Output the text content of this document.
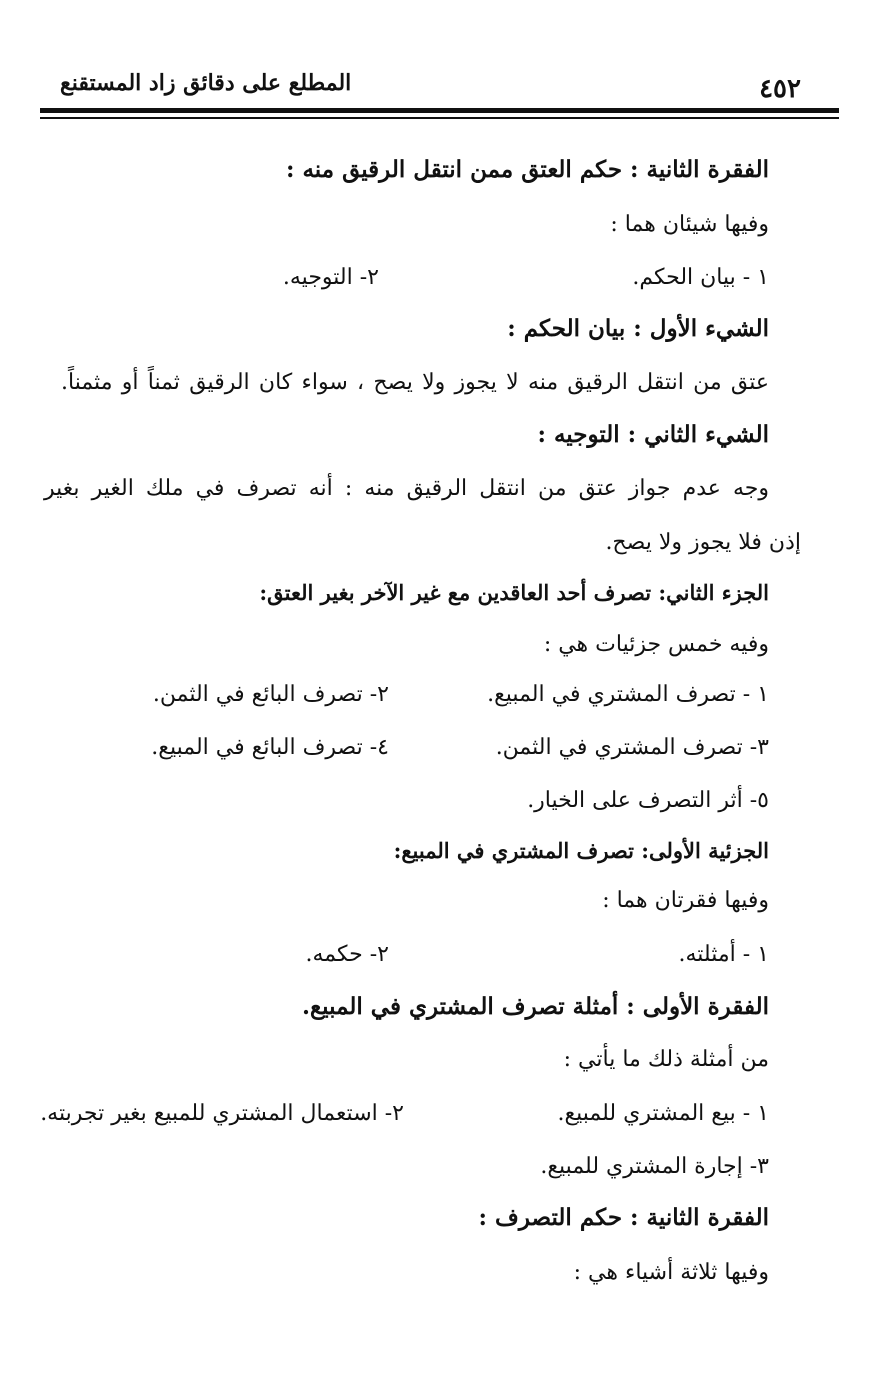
٤٥٢
المطلع على دقائق زاد المستقنع
الفقرة الثانية : حكم العتق ممن انتقل الرقيق منه :
وفيها شيئان هما :
١ - بيان الحكم.
٢- التوجيه.
الشيء الأول : بيان الحكم :
عتق من انتقل الرقيق منه لا يجوز ولا يصح ، سواء كان الرقيق ثمناً أو مثمناً.
الشيء الثاني : التوجيه :
وجه عدم جواز عتق من انتقل الرقيق منه : أنه تصرف في ملك الغير بغير
إذن فلا يجوز ولا يصح.
الجزء الثاني: تصرف أحد العاقدين مع غير الآخر بغير العتق:
وفيه خمس جزئيات هي :
١ - تصرف المشتري في المبيع.
٢- تصرف البائع في الثمن.
٣- تصرف المشتري في الثمن.
٤- تصرف البائع في المبيع.
٥- أثر التصرف على الخيار.
الجزئية الأولى: تصرف المشتري في المبيع:
وفيها فقرتان هما :
١ - أمثلته.
٢- حكمه.
الفقرة الأولى : أمثلة تصرف المشتري في المبيع.
من أمثلة ذلك ما يأتي :
١ - بيع المشتري للمبيع.
٢- استعمال المشتري للمبيع بغير تجربته.
٣- إجارة المشتري للمبيع.
الفقرة الثانية : حكم التصرف :
وفيها ثلاثة أشياء هي :
